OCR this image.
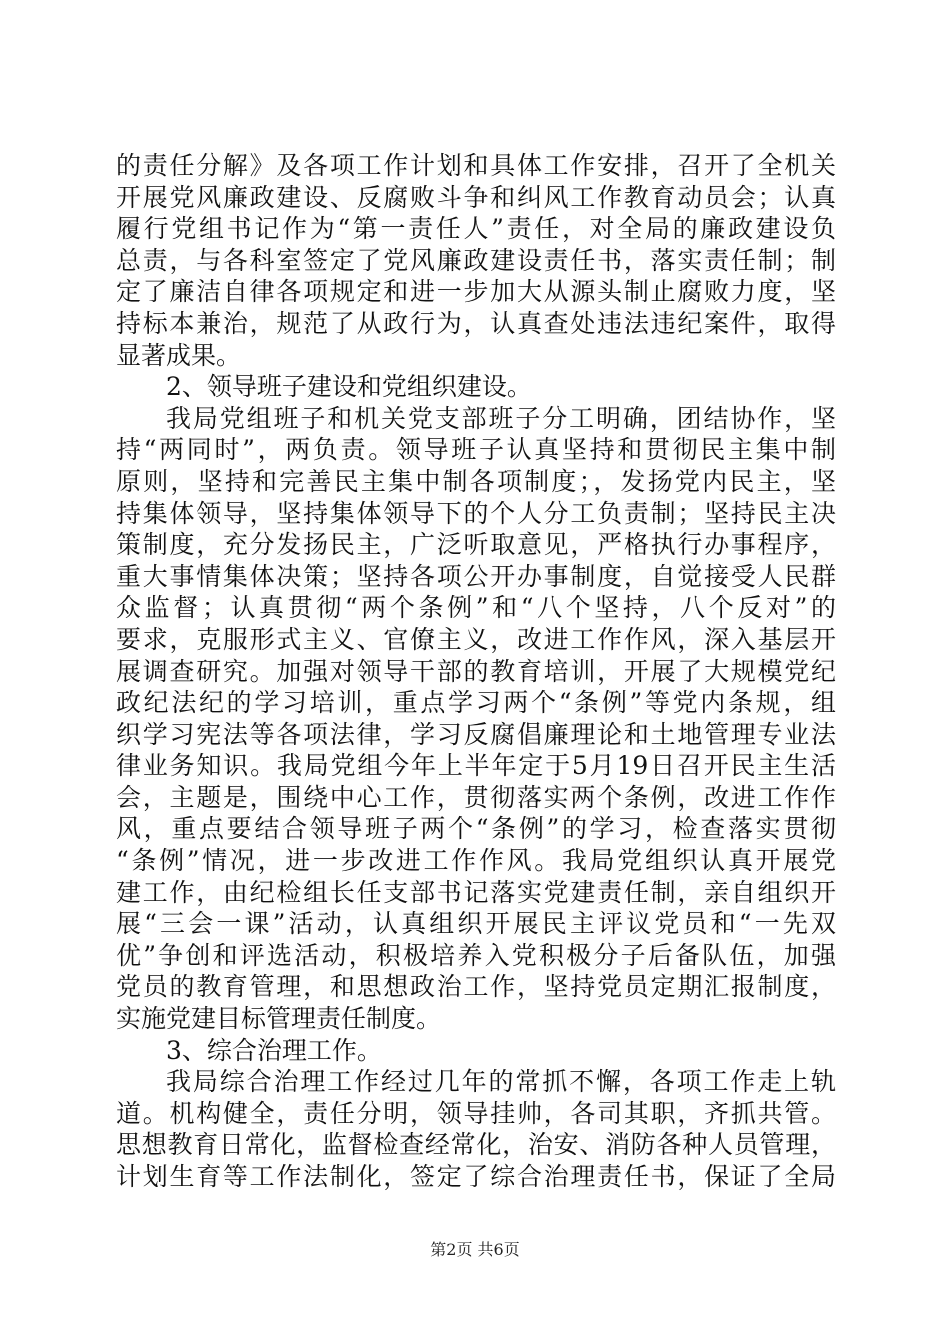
的责任分解》及各项工作计划和具体工作安排，召开了全机关
开展党风廉政建设、反腐败斗争和纠风工作教育动员会；认真
履行党组书记作为“第一责任人”责任，对全局的廉政建设负
总责，与各科室签定了党风廉政建设责任书，落实责任制；制
定了廉洁自律各项规定和进一步加大从源头制止腐败力度，坚
持标本兼治，规范了从政行为，认真查处违法违纪案件，取得
显著成果。
2、领导班子建设和党组织建设。
我局党组班子和机关党支部班子分工明确，团结协作，坚
持“两同时”，两负责。领导班子认真坚持和贯彻民主集中制
原则，坚持和完善民主集中制各项制度；，发扬党内民主，坚
持集体领导，坚持集体领导下的个人分工负责制；坚持民主决
策制度，充分发扬民主，广泛听取意见，严格执行办事程序，
重大事情集体决策；坚持各项公开办事制度，自觉接受人民群
众监督；认真贯彻“两个条例”和“八个坚持，八个反对”的
要求，克服形式主义、官僚主义，改进工作作风，深入基层开
展调查研究。加强对领导干部的教育培训，开展了大规模党纪
政纪法纪的学习培训，重点学习两个“条例”等党内条规，组
织学习宪法等各项法律，学习反腐倡廉理论和土地管理专业法
律业务知识。我局党组今年上半年定于5月19日召开民主生活
会，主题是，围绕中心工作，贯彻落实两个条例，改进工作作
风，重点要结合领导班子两个“条例”的学习，检查落实贯彻
“条例”情况，进一步改进工作作风。我局党组织认真开展党
建工作，由纪检组长任支部书记落实党建责任制，亲自组织开
展“三会一课”活动，认真组织开展民主评议党员和“一先双
优”争创和评选活动，积极培养入党积极分子后备队伍，加强
党员的教育管理，和思想政治工作，坚持党员定期汇报制度，
实施党建目标管理责任制度。
3、综合治理工作。
我局综合治理工作经过几年的常抓不懈，各项工作走上轨
道。机构健全，责任分明，领导挂帅，各司其职，齐抓共管。
思想教育日常化，监督检查经常化，治安、消防各种人员管理，
计划生育等工作法制化，签定了综合治理责任书，保证了全局
第2页 共6页
